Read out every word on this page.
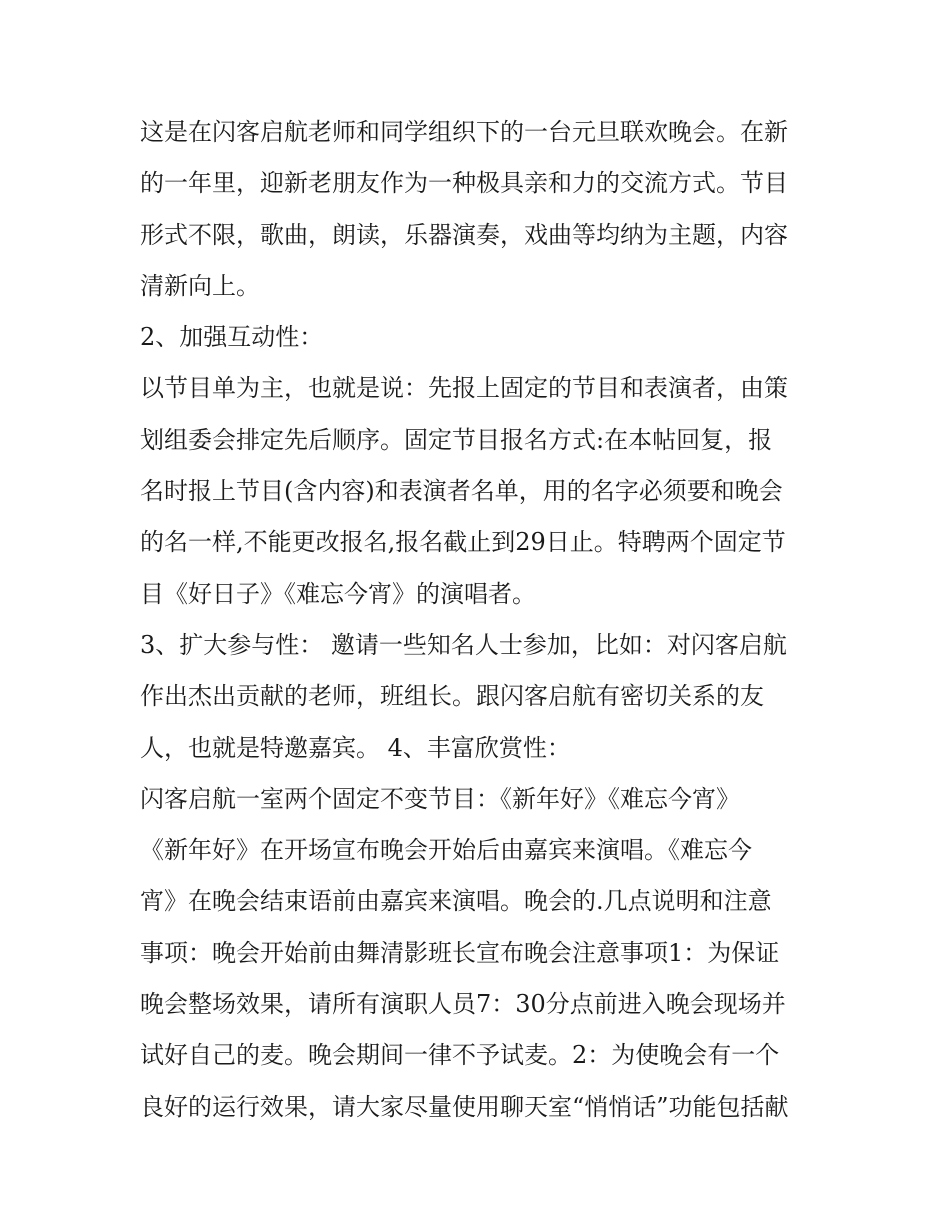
这是在闪客启航老师和同学组织下的一台元旦联欢晚会。在新
的一年里，迎新老朋友作为一种极具亲和力的交流方式。节目
形式不限，歌曲，朗读，乐器演奏，戏曲等均纳为主题，内容
清新向上。
2、加强互动性：
以节目单为主，也就是说：先报上固定的节目和表演者，由策
划组委会排定先后顺序。固定节目报名方式:在本帖回复，报
名时报上节目(含内容)和表演者名单，用的名字必须要和晚会
的名一样,不能更改报名,报名截止到29日止。特聘两个固定节
目《好日子》《难忘今宵》的演唱者。
3、扩大参与性： 邀请一些知名人士参加，比如：对闪客启航
作出杰出贡献的老师，班组长。跟闪客启航有密切关系的友
人，也就是特邀嘉宾。 4、丰富欣赏性：
闪客启航一室两个固定不变节目：《新年好》《难忘今宵》
《新年好》在开场宣布晚会开始后由嘉宾来演唱。《难忘今
宵》在晚会结束语前由嘉宾来演唱。晚会的.几点说明和注意
事项：晚会开始前由舞清影班长宣布晚会注意事项1：为保证
晚会整场效果，请所有演职人员7：30分点前进入晚会现场并
试好自己的麦。晚会期间一律不予试麦。2：为使晚会有一个
良好的运行效果，请大家尽量使用聊天室“悄悄话”功能包括献
